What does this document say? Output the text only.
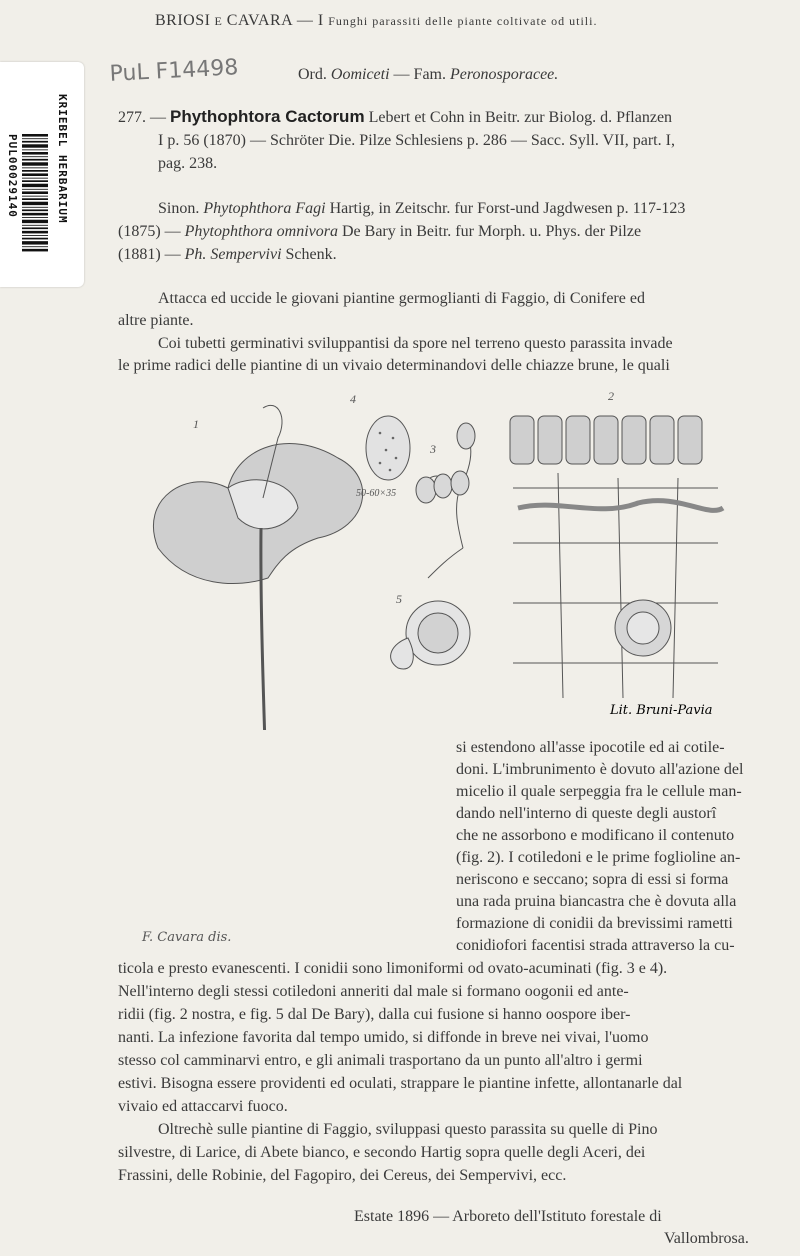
BRIOSI E CAVARA — I Funghi parassiti delle piante coltivate od utili.
PUL00029140	KRIEBEL HERBARIUM
PuL F14498	Ord. Oomiceti — Fam. Peronosporacee.
277. — Phythophtora Cactorum Lebert et Cohn in Beitr. zur Biolog. d. Pflanzen
I p. 56 (1870) — Schröter Die. Pilze Schlesiens p. 286 — Sacc. Syll. VII, part. I,
pag. 238.
Sinon. Phytophthora Fagi Hartig, in Zeitschr. fur Forst-und Jagdwesen p. 117-123
(1875) — Phytophthora omnivora De Bary in Beitr. fur Morph. u. Phys. der Pilze
(1881) — Ph. Sempervivi Schenk.
Attacca ed uccide le giovani piantine germoglianti di Faggio, di Conifere ed
altre piante.
Coi tubetti germinativi sviluppantisi da spore nel terreno questo parassita invade
le prime radici delle piantine di un vivaio determinandovi delle chiazze brune, le quali
1
4
50-60×35
3
5
2
Lit. Bruni-Pavia
F. Cavara dis.
si estendono all'asse ipocotile ed ai cotile-
doni. L'imbrunimento è dovuto all'azione del
micelio il quale serpeggia fra le cellule man-
dando nell'interno di queste degli austorî
che ne assorbono e modificano il contenuto
(fig. 2). I cotiledoni e le prime foglioline an-
neriscono e seccano; sopra di essi si forma
una rada pruina biancastra che è dovuta alla
formazione di conidii da brevissimi rametti
conidiofori facentisi strada attraverso la cu-
ticola e presto evanescenti. I conidii sono limoniformi od ovato-acuminati (fig. 3 e 4).
Nell'interno degli stessi cotiledoni anneriti dal male si formano oogonii ed ante-
ridii (fig. 2 nostra, e fig. 5 dal De Bary), dalla cui fusione si hanno oospore iber-
nanti. La infezione favorita dal tempo umido, si diffonde in breve nei vivai, l'uomo
stesso col camminarvi entro, e gli animali trasportano da un punto all'altro i germi
estivi. Bisogna essere providenti ed oculati, strappare le piantine infette, allontanarle dal
vivaio ed attaccarvi fuoco.
Oltrechè sulle piantine di Faggio, sviluppasi questo parassita su quelle di Pino
silvestre, di Larice, di Abete bianco, e secondo Hartig sopra quelle degli Aceri, dei
Frassini, delle Robinie, del Fagopiro, dei Cereus, dei Sempervivi, ecc.
Estate 1896 — Arboreto dell'Istituto forestale di
Vallombrosa.
